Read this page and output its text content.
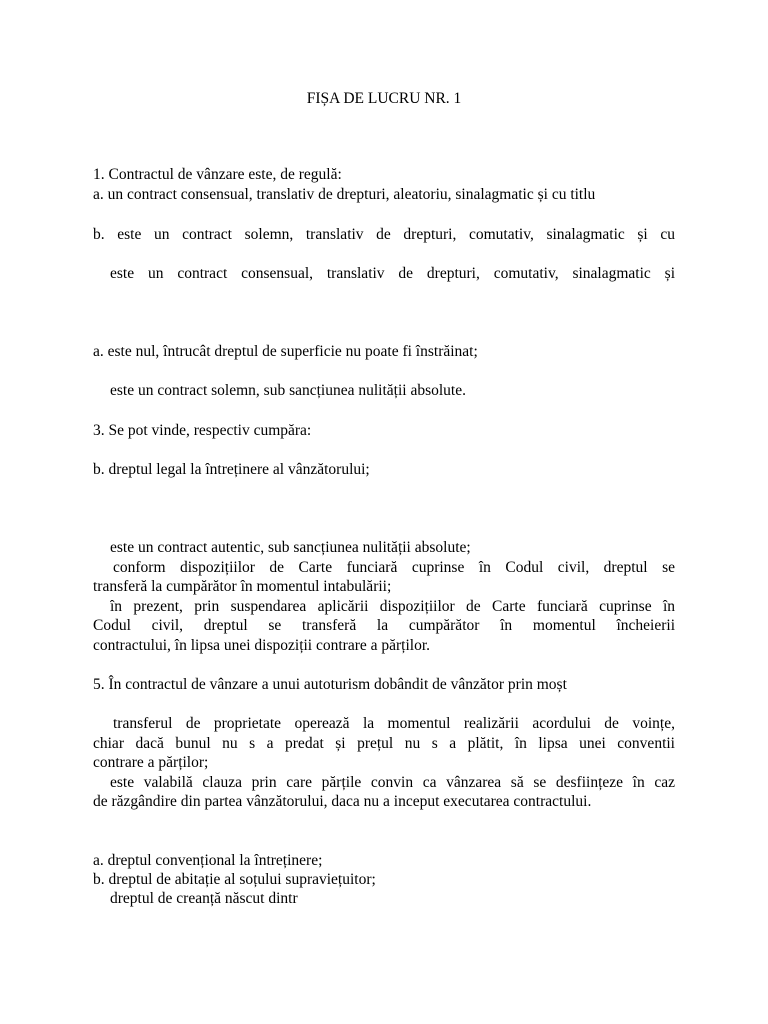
FIȘA DE LUCRU NR. 1
1. Contractul de vânzare este, de regulă:
a. un contract consensual, translativ de drepturi, aleatoriu, sinalagmatic și cu titlu
b. este un contract solemn, translativ de drepturi, comutativ, sinalagmatic și cu
este un contract consensual, translativ de drepturi, comutativ, sinalagmatic și
a. este nul, întrucât dreptul de superficie nu poate fi înstrăinat;
este un contract solemn, sub sancțiunea nulității absolute.
3. Se pot vinde, respectiv cumpăra:
b. dreptul legal la întreținere al vânzătorului;
este un contract autentic, sub sancțiunea nulității absolute;
conform dispozițiilor de Carte funciară cuprinse în Codul civil, dreptul se
transferă la cumpărător în momentul intabulării;
în prezent, prin suspendarea aplicării dispozițiilor de Carte funciară cuprinse în
Codul civil, dreptul se transferă la cumpărător în momentul încheierii
contractului, în lipsa unei dispoziții contrare a părților.
5. În contractul de vânzare a unui autoturism dobândit de vânzător prin moșt
transferul de proprietate operează la momentul realizării acordului de voințe,
chiar dacă bunul nu s a predat și prețul nu s a plătit, în lipsa unei conventii
contrare a părților;
este valabilă clauza prin care părțile convin ca vânzarea să se desființeze în caz
de răzgândire din partea vânzătorului, daca nu a inceput executarea contractului.
a. dreptul convențional la întreținere;
b. dreptul de abitație al soțului supraviețuitor;
dreptul de creanță născut dintr
